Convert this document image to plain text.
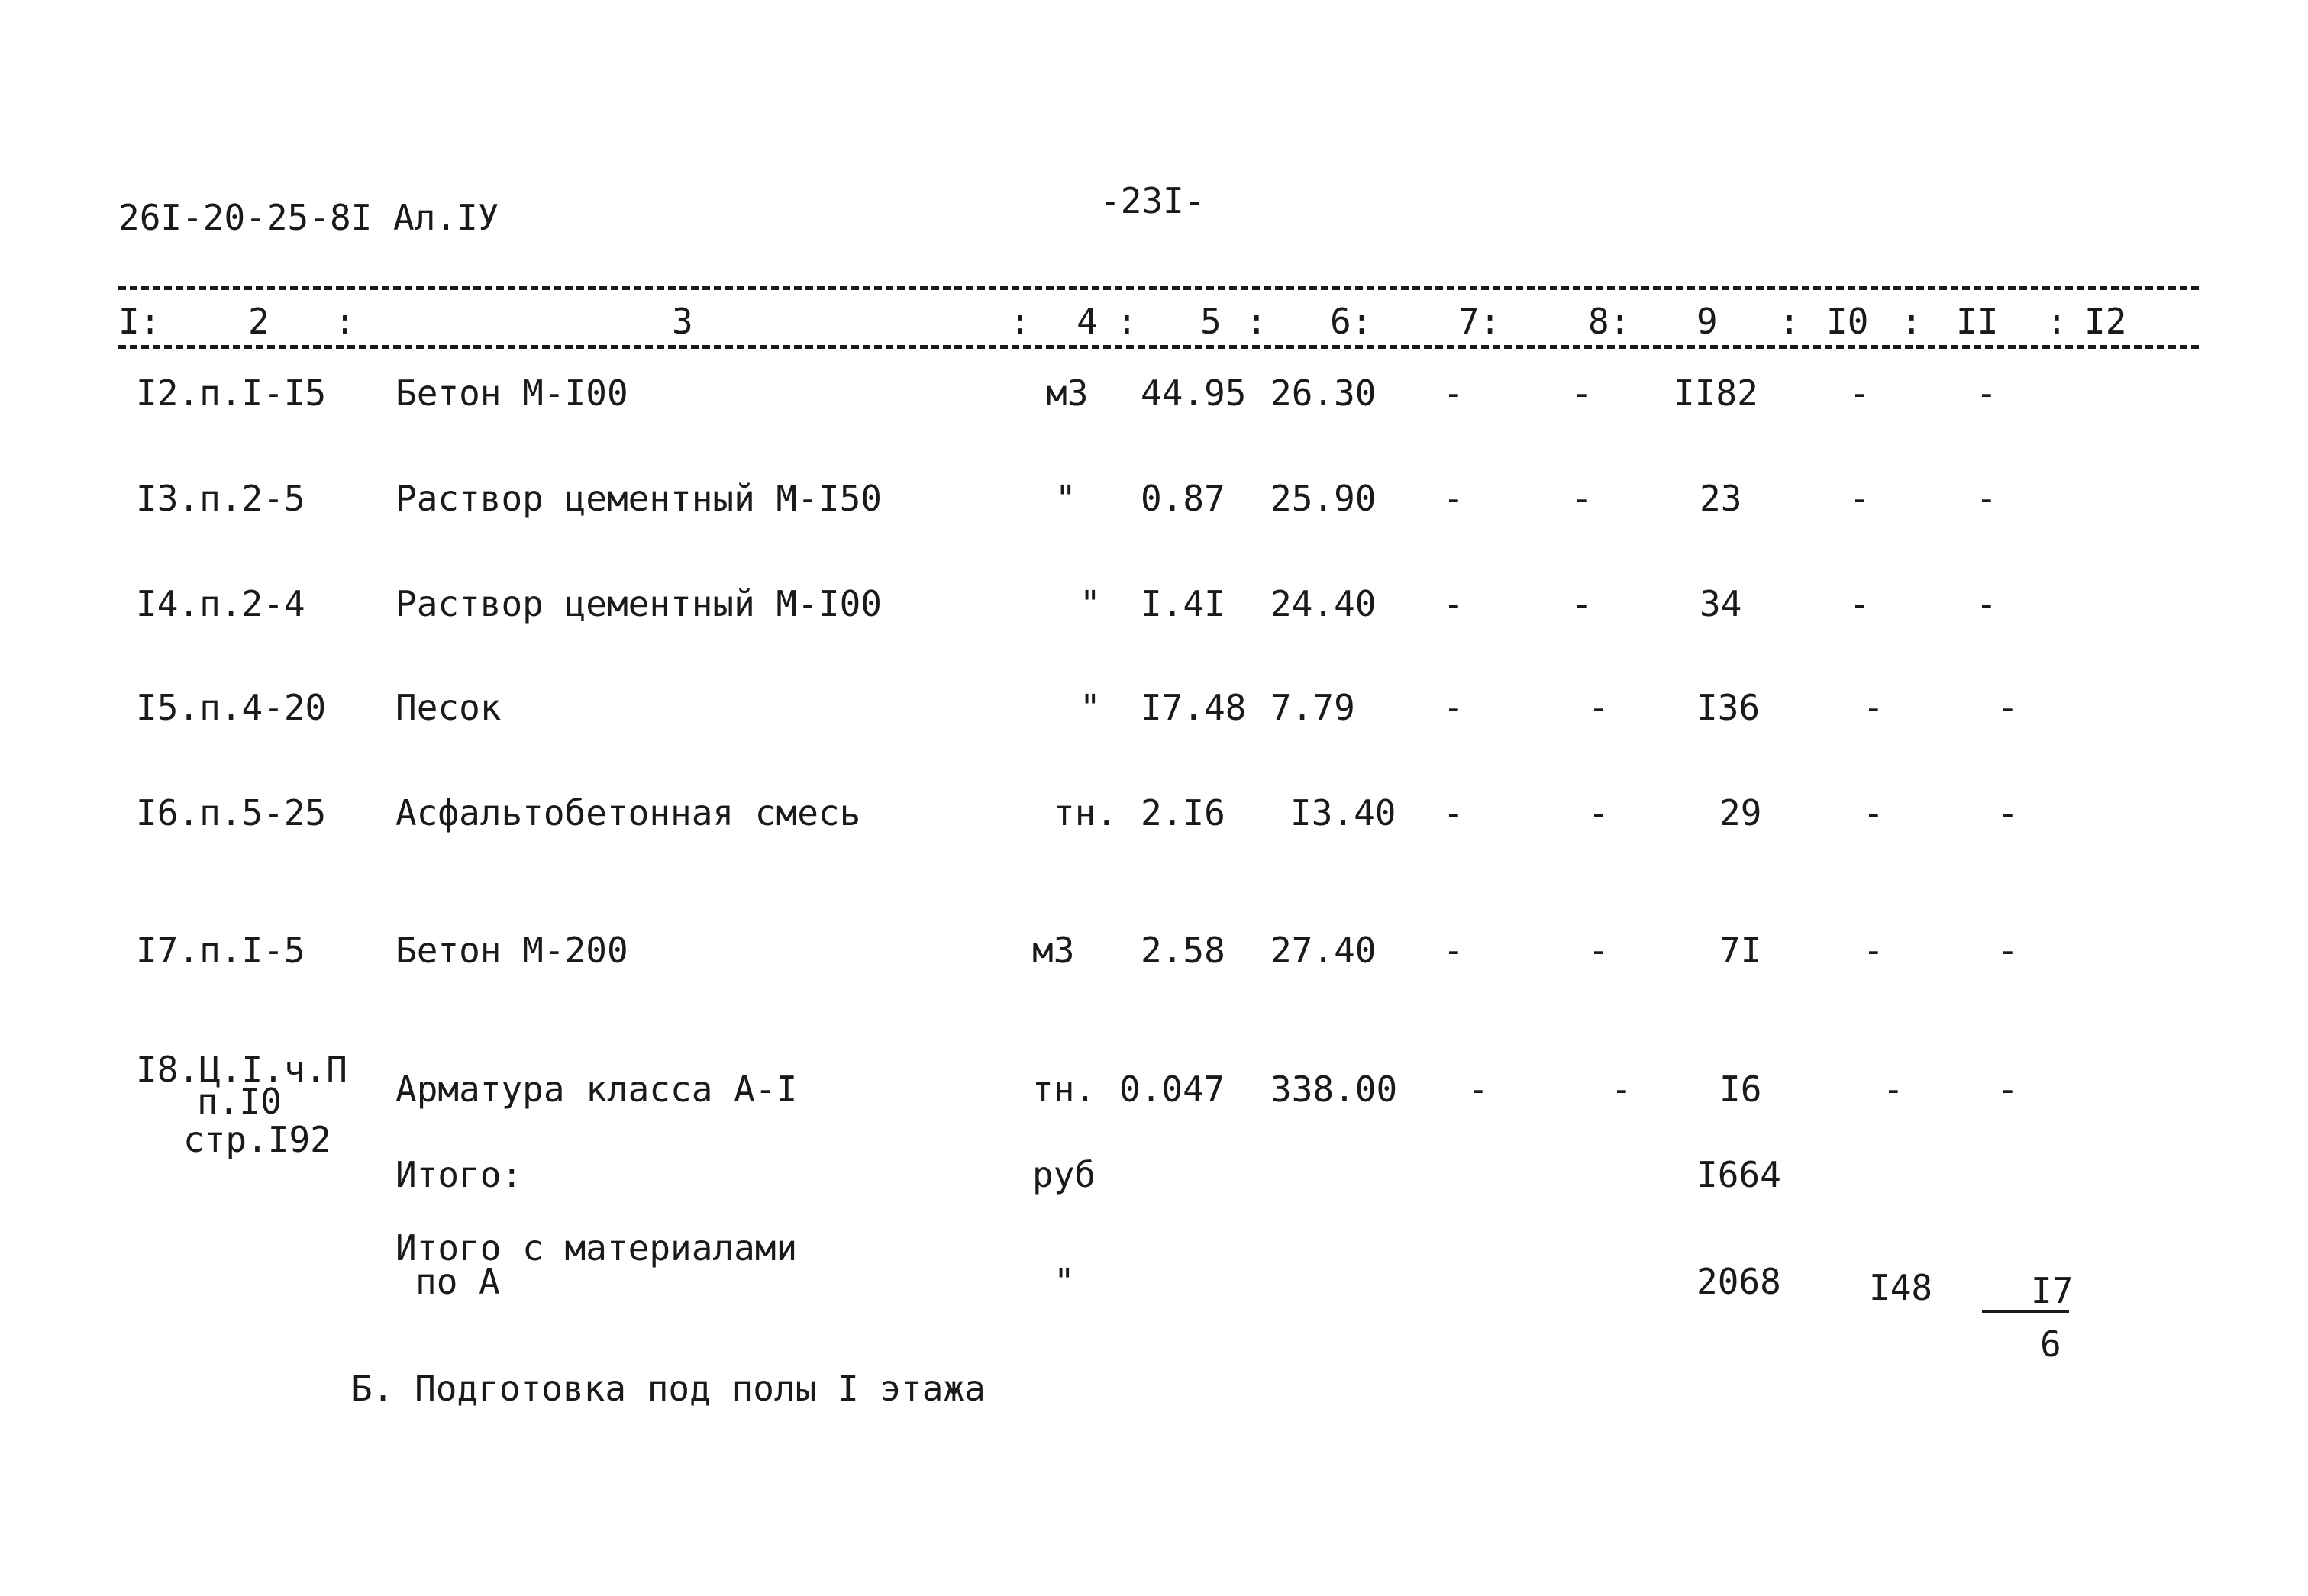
26I-20-25-8I Ал.IУ	-23I-
I: 2 :	3	: 4 : 5 : 6: 7: 8: 9 : I0 : II : I2
I2.п.I-I5 Бетон М-I00	м3 44.95 26.30 -	- II82	-	-
I3.п.2-5	Раствор цементный М-I50	" 0.87 25.90 -	-	23	-	-
I4.п.2-4	Раствор цементный М-I00	" I.4I 24.40 -	-	34	-	-
I5.п.4-20 Песок	" I7.48 7.79	-	- I36	-	-
I6.п.5-25 Асфальтобетонная смесь	тн. 2.I6 I3.40 -	-	29	-	-
I7.п.I-5	Бетон М-200	м3 2.58 27.40 -	-	7I	-	-
I8.Ц.I.ч.П
п.I0
стр.I92
Арматура класса А-I	тн. 0.047 338.00 -	- I6	-	-
Итого:	руб	I664
Итого с материалами
по А	"	2068	I48	I7
6
Б. Подготовка под полы I этажа
